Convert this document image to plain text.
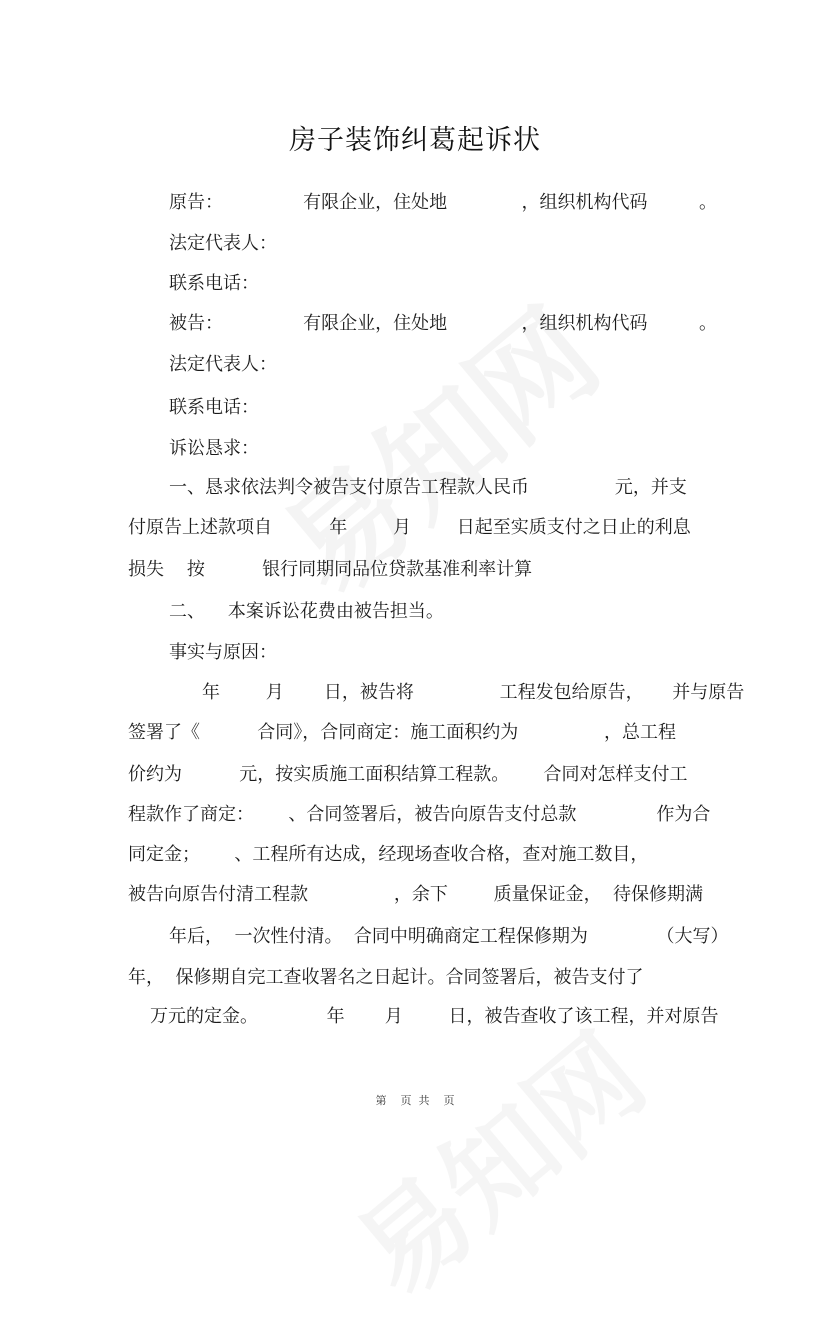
房子装饰纠葛起诉状
原告：              有限企业，住处地             ，组织机构代码         。
法定代表人：
联系电话：
被告：              有限企业，住处地             ，组织机构代码         。
法定代表人：
联系电话：
诉讼恳求：
一、恳求依法判令被告支付原告工程款人民币               元，并支
付原告上述款项自          年        月        日起至实质支付之日止的利息
损失    按          银行同期同品位贷款基准利率计算
二、    本案诉讼花费由被告担当。
事实与原因：
年        月       日，被告将               工程发包给原告，     并与原告
签署了《          合同》，合同商定：施工面积约为               ，总工程
价约为          元，按实质施工面积结算工程款。      合同对怎样支付工
程款作了商定：      、合同签署后，被告向原告支付总款              作为合
同定金；      、工程所有达成，经现场查收合格，查对施工数目，
被告向原告付清工程款               ，余下        质量保证金，  待保修期满
年后，  一次性付清。  合同中明确商定工程保修期为            （大写）
年，  保修期自完工查收署名之日起计。合同签署后，被告支付了
万元的定金。            年       月        日，被告查收了该工程，并对原告
第    页  共    页
